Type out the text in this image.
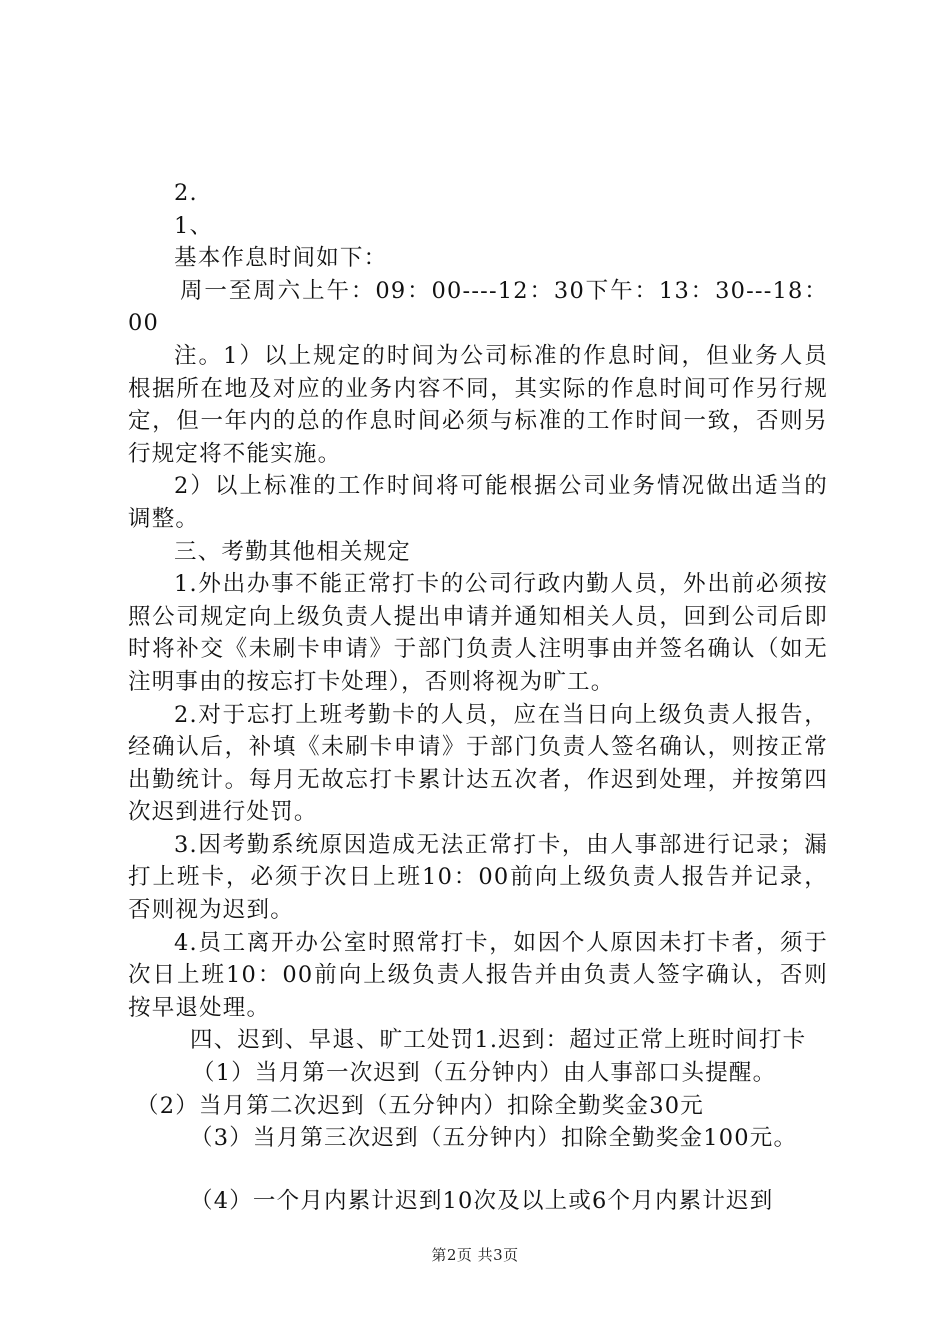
2.

1、

基本作息时间如下：

周一至周六上午：09：00----12：30下午：13：30---18：00

注。1）以上规定的时间为公司标准的作息时间，但业务人员根据所在地及对应的业务内容不同，其实际的作息时间可作另行规定，但一年内的总的作息时间必须与标准的工作时间一致，否则另行规定将不能实施。

2）以上标准的工作时间将可能根据公司业务情况做出适当的调整。

三、考勤其他相关规定

1.外出办事不能正常打卡的公司行政内勤人员，外出前必须按照公司规定向上级负责人提出申请并通知相关人员，回到公司后即时将补交《未刷卡申请》于部门负责人注明事由并签名确认（如无注明事由的按忘打卡处理），否则将视为旷工。

2.对于忘打上班考勤卡的人员，应在当日向上级负责人报告，经确认后，补填《未刷卡申请》于部门负责人签名确认，则按正常出勤统计。每月无故忘打卡累计达五次者，作迟到处理，并按第四次迟到进行处罚。

3.因考勤系统原因造成无法正常打卡，由人事部进行记录；漏打上班卡，必须于次日上班10：00前向上级负责人报告并记录，否则视为迟到。

4.员工离开办公室时照常打卡，如因个人原因未打卡者，须于次日上班10：00前向上级负责人报告并由负责人签字确认，否则按早退处理。

四、迟到、早退、旷工处罚1.迟到：超过正常上班时间打卡

（1）当月第一次迟到（五分钟内）由人事部口头提醒。

（2）当月第二次迟到（五分钟内）扣除全勤奖金30元

（3）当月第三次迟到（五分钟内）扣除全勤奖金100元。

（4）一个月内累计迟到10次及以上或6个月内累计迟到

第2页 共3页
